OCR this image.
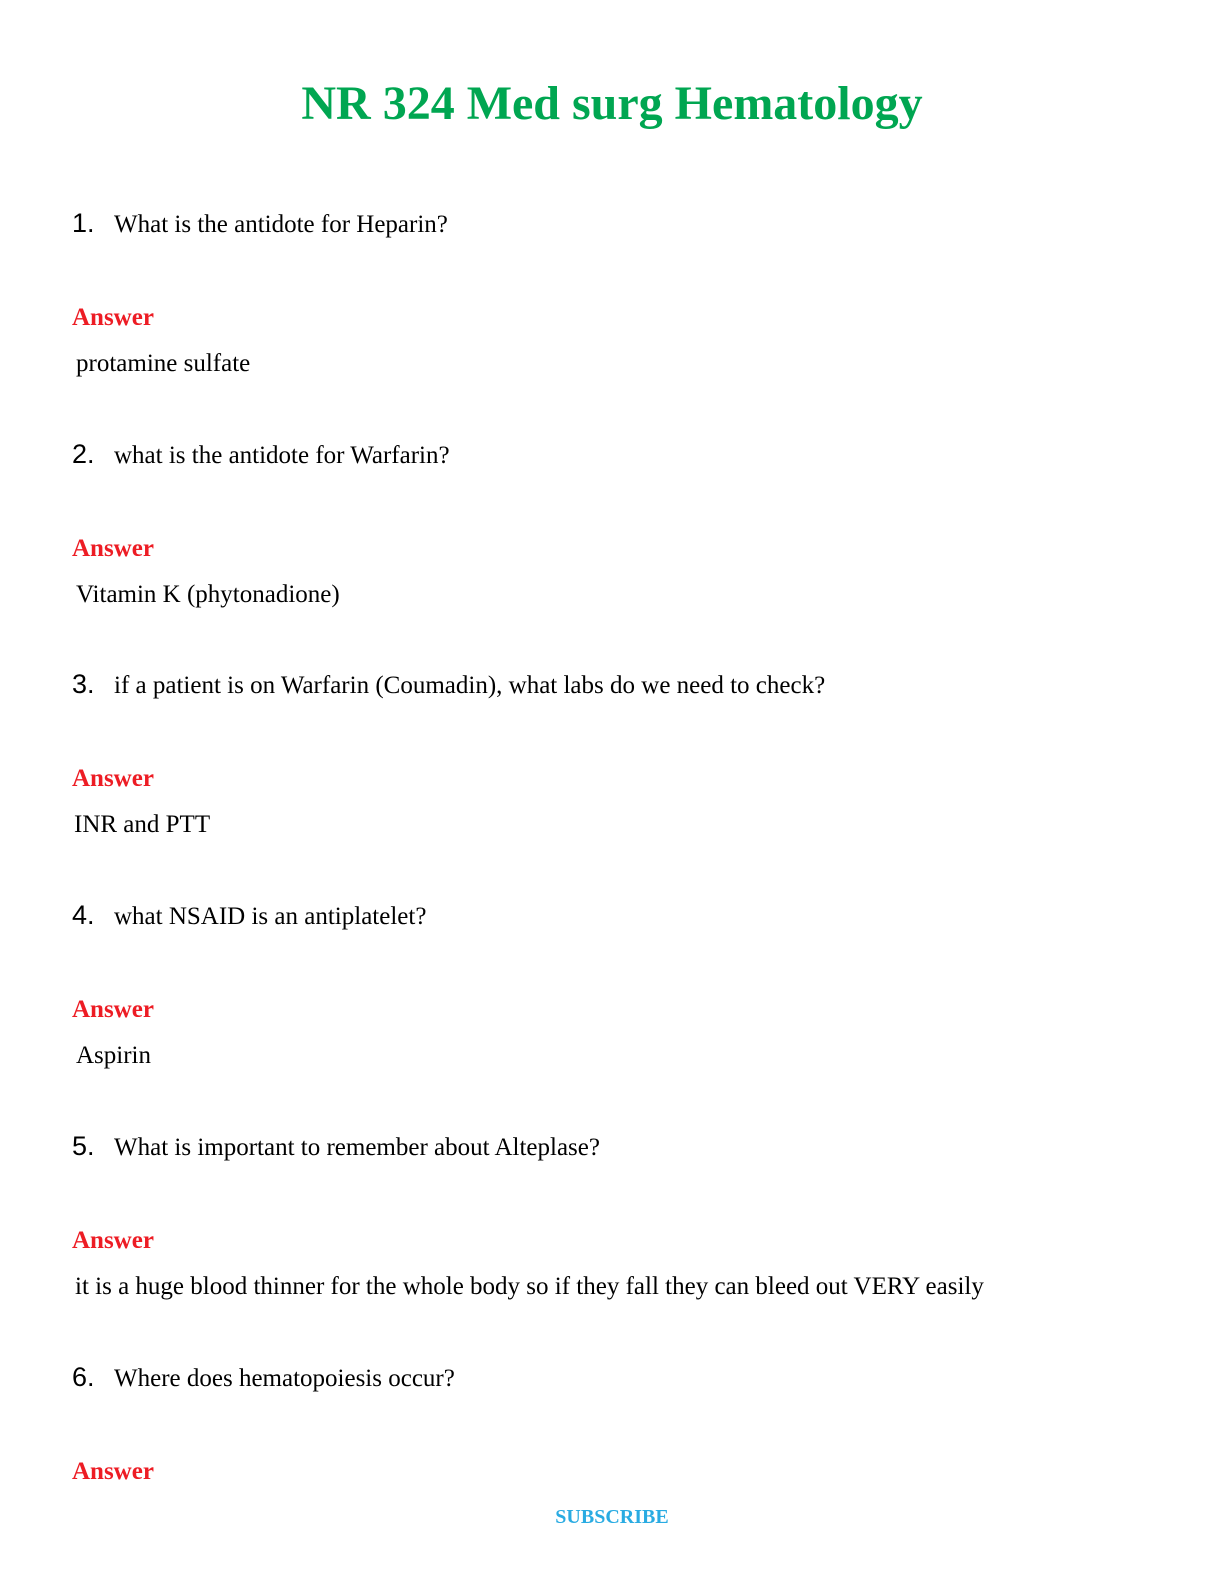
NR 324 Med surg Hematology
1. What is the antidote for Heparin?
Answer
protamine sulfate
2. what is the antidote for Warfarin?
Answer
Vitamin K (phytonadione)
3. if a patient is on Warfarin (Coumadin), what labs do we need to check?
Answer
INR and PTT
4. what NSAID is an antiplatelet?
Answer
Aspirin
5. What is important to remember about Alteplase?
Answer
it is a huge blood thinner for the whole body so if they fall they can bleed out VERY easily
6. Where does hematopoiesis occur?
Answer
SUBSCRIBE
